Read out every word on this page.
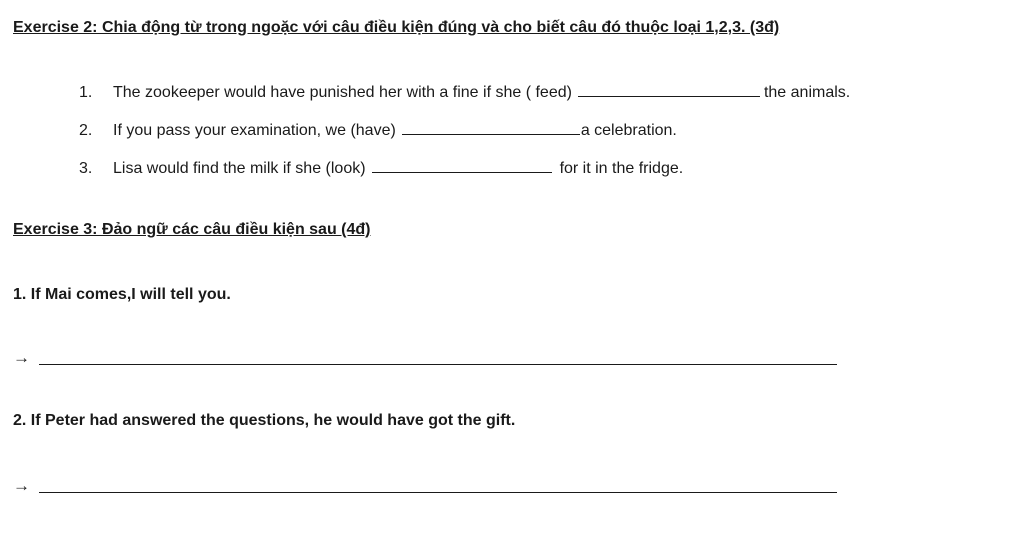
Exercise 2: Chia động từ trong ngoặc với câu điều kiện đúng và cho biết câu đó thuộc loại 1,2,3. (3đ)
1.	The zookeeper would have punished her with a fine if she ( feed)	the animals.
2.	If you pass your examination, we (have)	a celebration.
3.	Lisa would find the milk if she (look)	for it in the fridge.
Exercise 3: Đảo ngữ các câu điều kiện sau (4đ)
1. If Mai comes,I will tell you.
→
2. If Peter had answered the questions, he would have got the gift.
→
